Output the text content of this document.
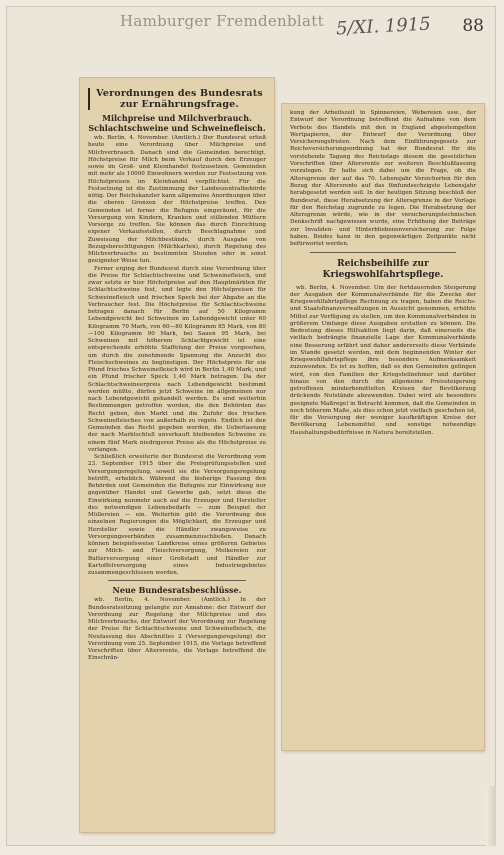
Hamburger Fremdenblatt 5/XI. 1915 88
Verordnungen des Bundesrats zur Ernährungsfrage.
Milchpreise und Milchverbrauch. Schlachtschweine und Schweinefleisch.

wb. Berlin, 4. November. (Amtlich.) Der Bundesrat erließ heute eine Verordnung über Milchpreise und Milchverbrauch. Danach sind die Gemeinden berechtigt, Höchstpreise für Milch beim Verkauf durch den Erzeuger sowie im Groß- und Kleinhandel festzusetzen. Gemeinden mit mehr als 10000 Einwohnern werden zur Festsetzung von Höchstpreisen im Kleinhandel verpflichtet. Für die Festsetzung ist die Zustimmung der Landeszentralbehörde nötig. Der Reichskanzler kann allgemeine Anordnungen über die oberen Grenzen der Höchstpreise treffen. Den Gemeinden ist ferner die Befugnis eingeräumt, für die Versorgung von Kindern, Kranken und stillenden Müttern Vorsorge zu treffen. Sie können das durch Einrichtung eigener Verkaufsstellen, durch Beschlagnahme und Zuweisung der Milchbestände, durch Ausgabe von Bezugsberechtigungen (Milchkarten), durch Regelung des Milchverbrauchs zu bestimmten Stunden oder in sonst geeigneter Weise tun.

Ferner erging der Bundesrat durch eine Verordnung über die Preise für Schlachtschweine und Schweinefleisch, und zwar setzte er hier Höchstpreise auf den Hauptmärkten für Schlachtschweine fest, und legte den Höchstpreisen für Schweinefleisch und frischen Speck bei der Abgabe an die Verbraucher fest. Die Höchstpreise für Schlachtschweine betragen danach für Berlin auf 50 Kilogramm Lebendgewicht bei Schweinen im Lebendgewicht unter 60 Kilogramm 70 Mark, von 60—80 Kilogramm 85 Mark, von 80—100 Kilogramm 90 Mark, bei Sauen 95 Mark, bei Schweinen mit höherem Schlachtgewicht ist eine entsprechende erhöhte Staffelung der Preise vorgesehen, um durch die zunehmende Spannung die Anzucht des Fleischschweines zu begünstigen. Der Höchstpreis für ein Pfund frisches Schweinefleisch wird in Berlin 1,40 Mark, und ein Pfund frischer Speck 1,40 Mark betragen. Da der Schlachtschweineerpreis nach Lebendgewicht bestimmt werden müßte, dürfen jetzt Schweine im allgemeinen nur nach Lebendgewicht gehandelt werden. Es sind weiterhin Bestimmungen getroffen worden, die den Behörden das Recht geben, den Markt und die Zufuhr des frischen Schweinefleisches von außerhalb zu regeln. Endlich ist den Gemeinden das Recht gegeben worden, die Ueberlassung der nach Marktschluß unverkauft bleibenden Schweine zu einem fünf Mark niedrigeren Preise als die Höchstpreise zu verlangen.

Schließlich erweiterte der Bundesrat die Verordnung vom 23. September 1915 über die Preisprüfungsstellen und Versorgungsregelung, soweit sie die Versorgungsregelung betrifft, erheblich. Während die bisherige Fassung den Behörden und Gemeinden die Befugnis zur Einwirkung nur gegenüber Handel und Gewerbe gab, setzt diese die Einwirkung nunmehr auch auf die Erzeuger und Hersteller des notwendigen Lebensbedarfs — zum Beispiel der Müllereien — ein. Weiterhin gibt die Verordnung den einzelnen Regierungen die Möglichkeit, die Erzeuger und Hersteller sowie die Händler zwangsweise zu Versorgungsverbänden zusammenzuschließen. Danach können beispielsweise Landkreise eines größeren Gebietes zur Milch- und Fleischversorgung, Molkereien zur Butterversorgung einer Großstadt und Händler zur Kartoffelversorgung eines Industriegebietes zusammengeschlossen werden.

Neue Bundesratsbeschlüsse.

wb. Berlin, 4. November. (Amtlich.) In der Bundesratssitzung gelangte zur Annahme: der Entwurf der Verordnung zur Regelung der Milchpreise und des Milchverbrauchs, der Entwurf der Verordnung zur Regelung der Preise für Schlachtschweine und Schweinefleisch, die Neufassung des Abschnittes 2 (Versorgungsregelung) der Verordnung vom 25. September 1915, die Vorlage betreffend Vorschriften über Altersrente, die Vorlage betreffend die Einschrän-

kung der Arbeitszeit in Spinnereien, Webereien usw., der Entwurf der Verordnung betreffend die Aufnahme von dem Verbote des Handels mit den in England abgestempelten Wertpapieren, der Entwurf der Verordnung über Versicherungsfristen. Nach dem Einführungsgesetz zur Reichsversicherungsordnung hat der Bundesrat für die vorstehende Tagung des Reichstags diesem die gesetzlichen Vorschriften über Altersrente zur weiteren Beschlußfassung vorzulegen. Er hatte sich dabei um die Frage, ob die Altersgrenze der auf das 70. Lebensjahr Versicherten für den Bezug der Altersrente auf das fünfundsechzigste Lebensjahr herabgesetzt werden soll. In der heutigen Sitzung beschloß der Bundesrat, diese Herabsetzung der Altersgrenze in der Vorlage für den Reichstag zugrunde zu legen. Die Herabsetzung der Altersgrenze würde, wie in der versicherungstechnischen Denkschrift nachgewiesen wurde, eine Erhöhung der Beiträge zur Invaliden- und Hinterbliebenenversicherung zur Folge haben. Beides kann in den gegenwärtigen Zeitpunkte nicht befürwortet werden.
Reichsbeihilfe zur Kriegswohlfahrtspflege.

wb. Berlin, 4. November. Um der fortdauernden Steigerung der Ausgaben der Kommunalverbände für die Zwecke der Kriegswohlfahrtspflege Rechnung zu tragen, haben die Reichs- und Staatsfinanzverwaltungen in Aussicht genommen, erhöhte Mittel zur Verfügung zu stellen, um den Kommunalverbänden in größerem Umfange diese Ausgaben erstatten zu können. Die Bedeutung dieses Hilfsaktion liegt darin, daß einerseits die vielfach bedrängte finanzielle Lage der Kommunalverbände eine Besserung erfährt und daher andererseits diese Verbände im Stande gesetzt werden, mit dem beginnenden Winter der Kriegswohlfahrtspflege ihre besondere Aufmerksamkeit zuzuwenden. Es ist zu hoffen, daß es den Gemeinden gelingen wird, von den Familien der Kriegsteilnehmer und darüber hinaus von den durch die allgemeine Preissteigerung getroffenen minderbemittelten Kreisen der Bevölkerung drückende Notstände abzuwenden. Dabei wird als besonders geeignete Maßregel in Betracht kommen, daß die Gemeinden in noch höherem Maße, als dies schon jetzt vielfach geschehen ist, für die Versorgung der weniger kaufkräftigen Kreise der Bevölkerung Lebensmittel und sonstige notwendige Haushaltungsbedürfnisse in Natura bereitstellen.
